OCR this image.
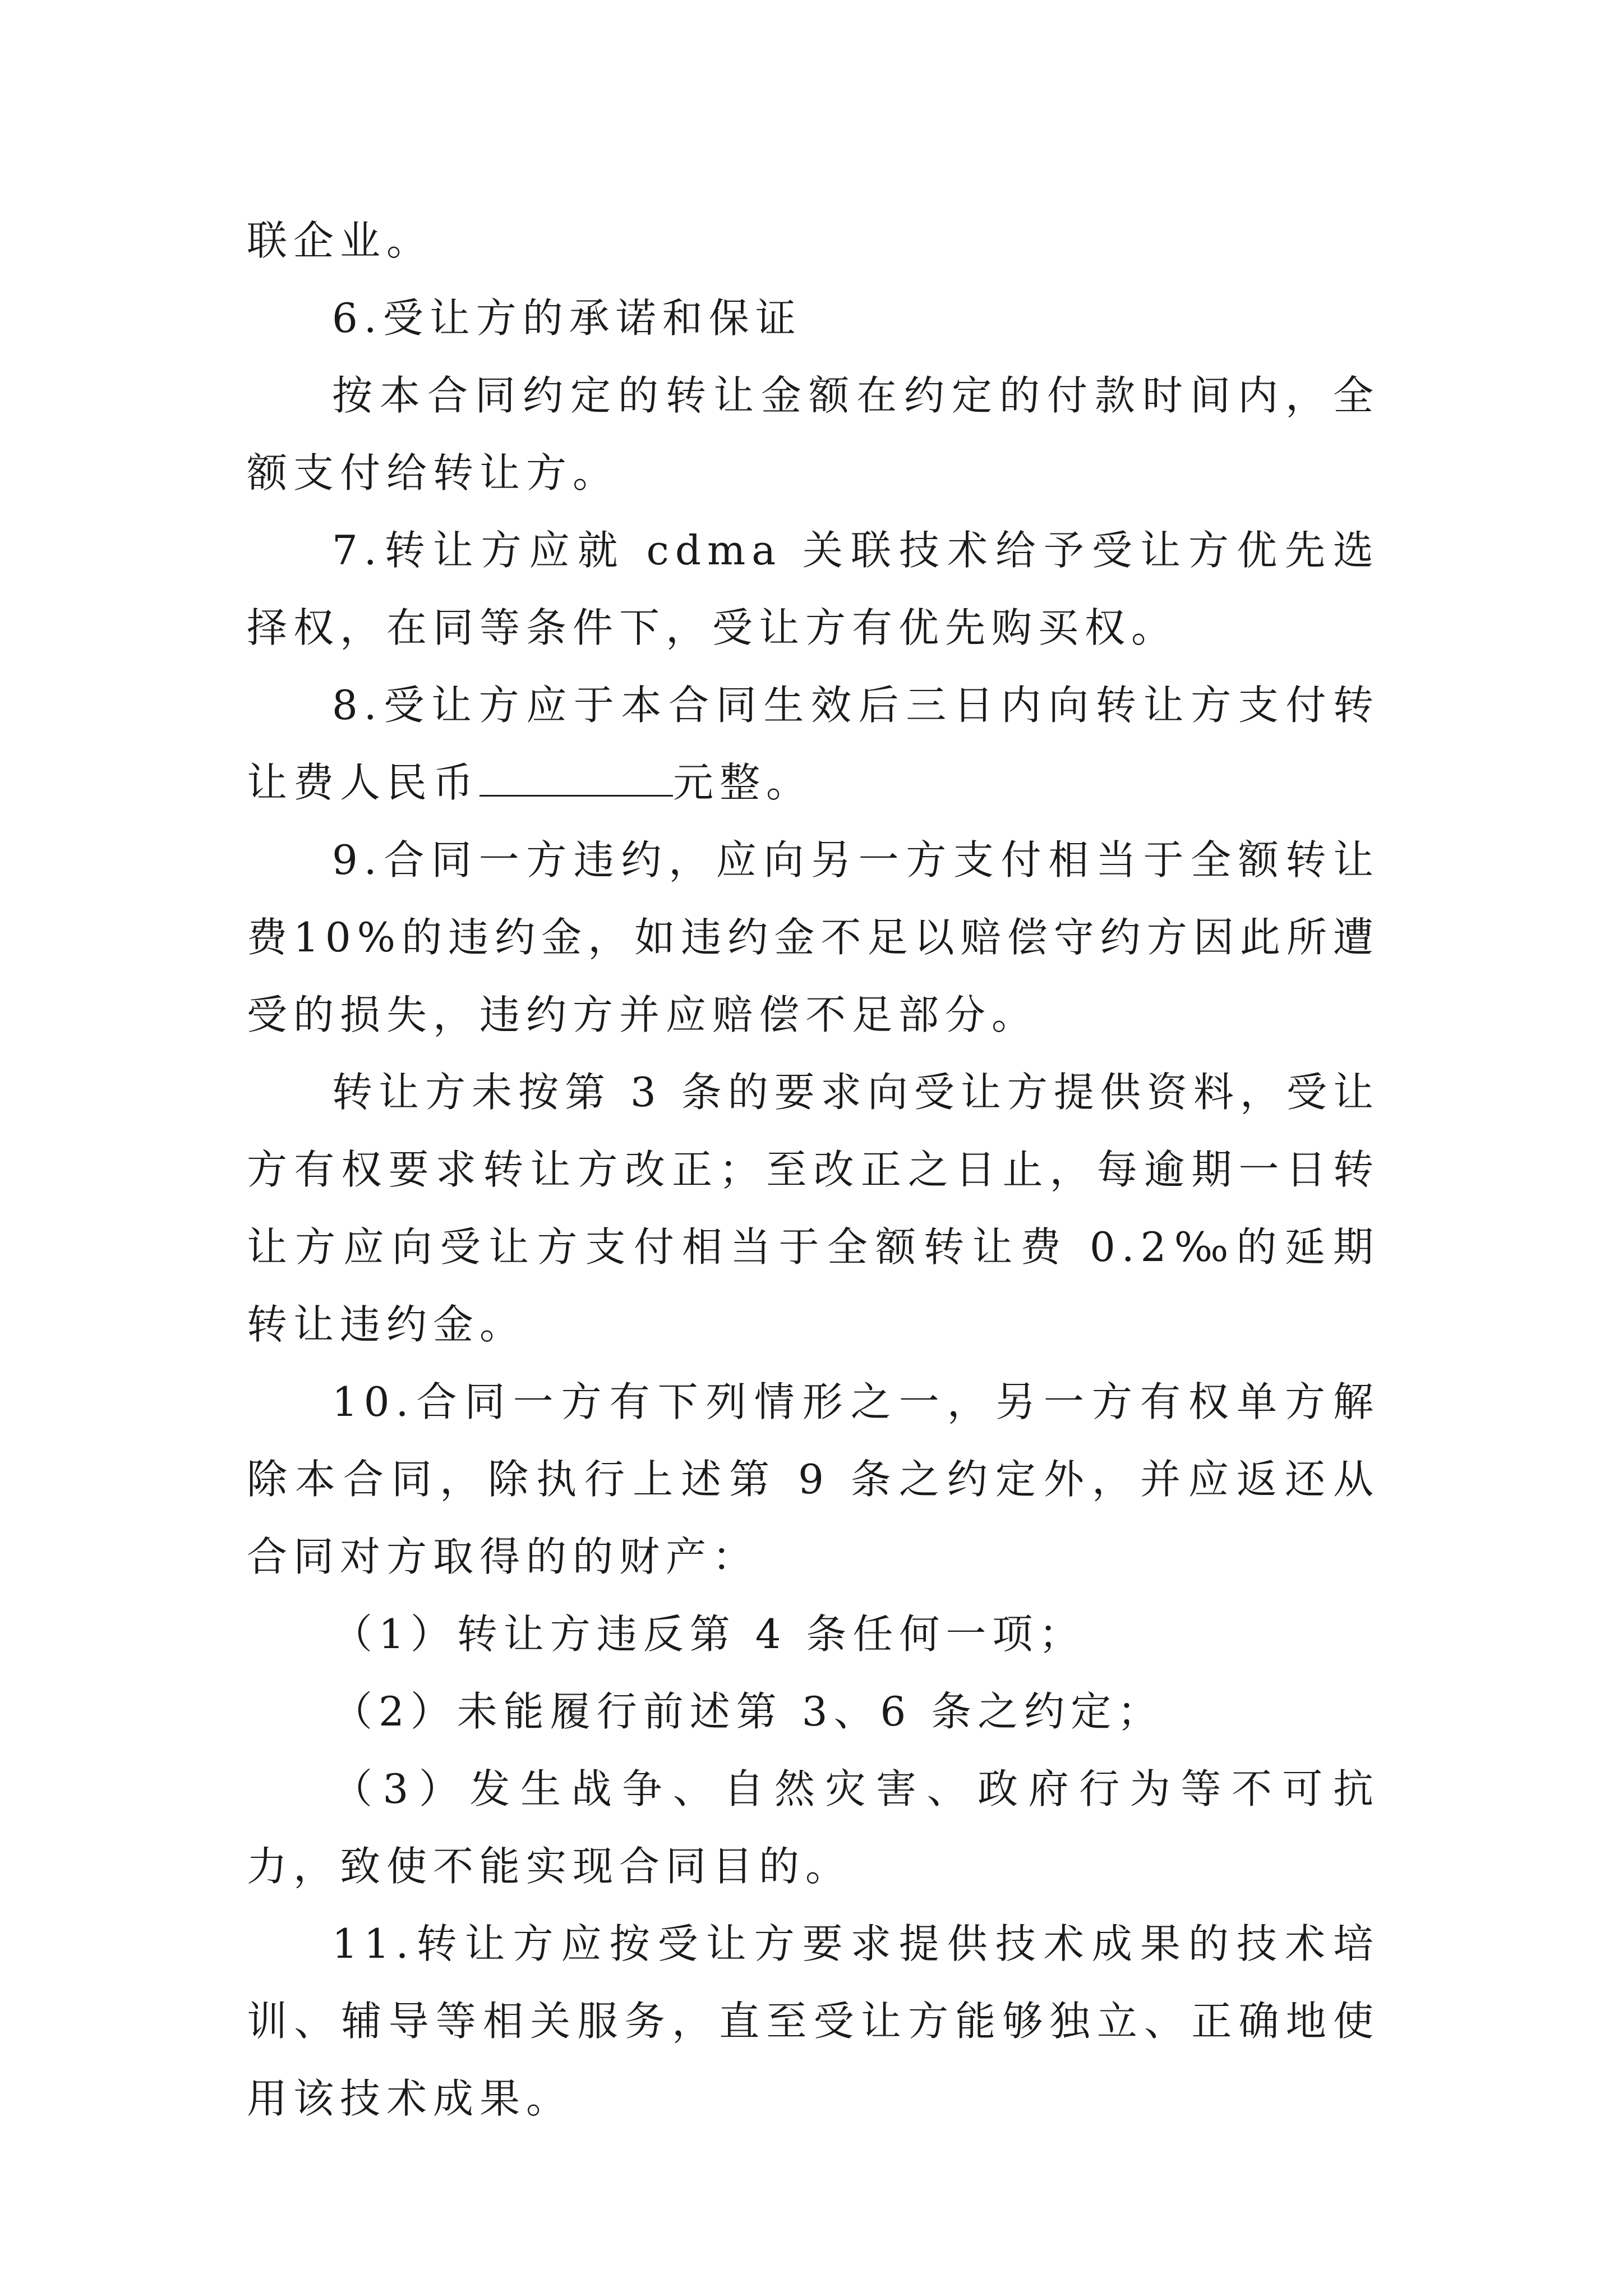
联企业。

6.受让方的承诺和保证

按本合同约定的转让金额在约定的付款时间内，全额支付给转让方。

7.转让方应就 cdma 关联技术给予受让方优先选择权，在同等条件下，受让方有优先购买权。

8.受让方应于本合同生效后三日内向转让方支付转让费人民币	元整。

9.合同一方违约，应向另一方支付相当于全额转让费10%的违约金，如违约金不足以赔偿守约方因此所遭受的损失，违约方并应赔偿不足部分。

转让方未按第 3 条的要求向受让方提供资料，受让方有权要求转让方改正；至改正之日止，每逾期一日转让方应向受让方支付相当于全额转让费 0.2‰的延期转让违约金。

10.合同一方有下列情形之一，另一方有权单方解除本合同，除执行上述第 9 条之约定外，并应返还从合同对方取得的的财产：

（1）转让方违反第 4 条任何一项；

（2）未能履行前述第 3、6 条之约定；

（3）发生战争、自然灾害、政府行为等不可抗力，致使不能实现合同目的。

11.转让方应按受让方要求提供技术成果的技术培训、辅导等相关服务，直至受让方能够独立、正确地使用该技术成果。
